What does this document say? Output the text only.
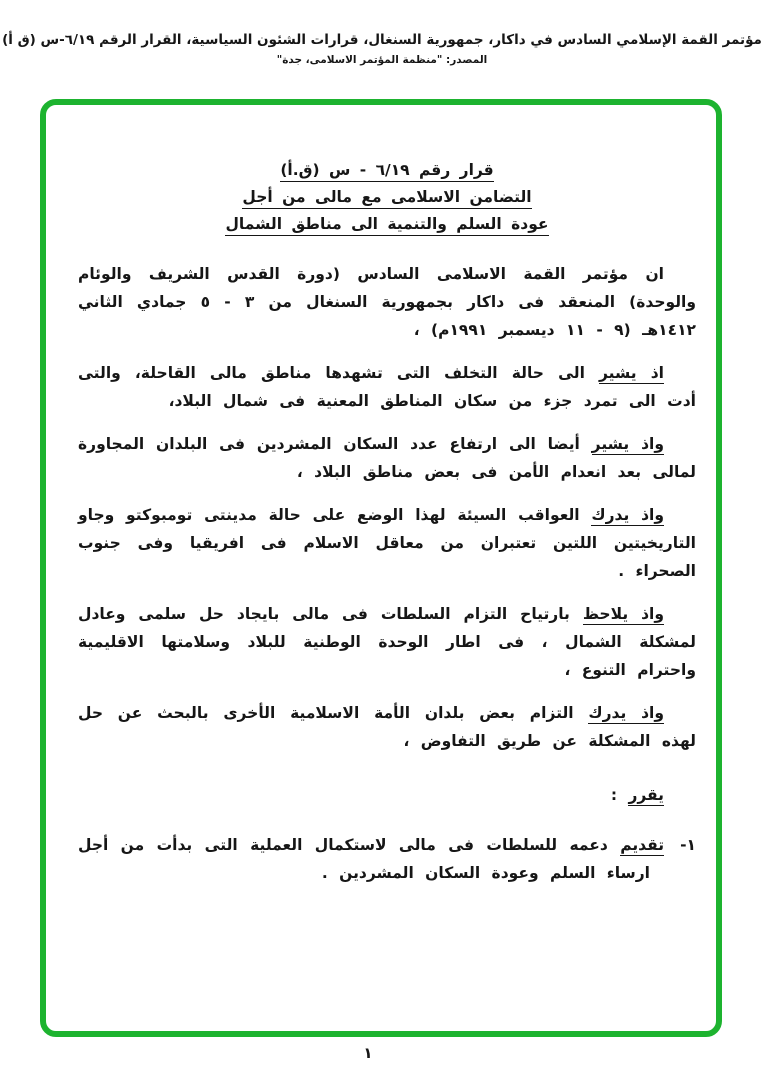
مؤتمر القمة الإسلامي السادس في داكار، جمهورية السنغال، قرارات الشئون السياسية، القرار الرقم ٦/١٩-س (ق أ)
المصدر: "منظمة المؤتمر الاسلامى، جدة"
قرار رقم ٦/١٩ - س (ق.أ)
التضامن الاسلامى مع مالى من أجل
عودة السلم والتنمية الى مناطق الشمال

ان مؤتمر القمة الاسلامى السادس (دورة القدس الشريف والوئام والوحدة) المنعقد فى داكار بجمهورية السنغال من ٣ - ٥ جمادي الثاني ١٤١٢هـ (٩ - ١١ ديسمبر ١٩٩١م) ،

اذ يشير الى حالة التخلف التى تشهدها مناطق مالى القاحلة، والتى أدت الى تمرد جزء من سكان المناطق المعنية فى شمال البلاد،

واذ يشير أيضا الى ارتفاع عدد السكان المشردين فى البلدان المجاورة لمالى بعد انعدام الأمن فى بعض مناطق البلاد ،

واذ يدرك العواقب السيئة لهذا الوضع على حالة مدينتى تومبوكتو وجاو التاريخيتين اللتين تعتبران من معاقل الاسلام فى افريقيا وفى جنوب الصحراء .

واذ يلاحظ بارتياح التزام السلطات فى مالى بايجاد حل سلمى وعادل لمشكلة الشمال ، فى اطار الوحدة الوطنية للبلاد وسلامتها الاقليمية واحترام التنوع ،

واذ يدرك التزام بعض بلدان الأمة الاسلامية الأخرى بالبحث عن حل لهذه المشكلة عن طريق التفاوض ،

يقرر :

١-تقديم دعمه للسلطات فى مالى لاستكمال العملية التى بدأت من أجل ارساء السلم وعودة السكان المشردين .

١
